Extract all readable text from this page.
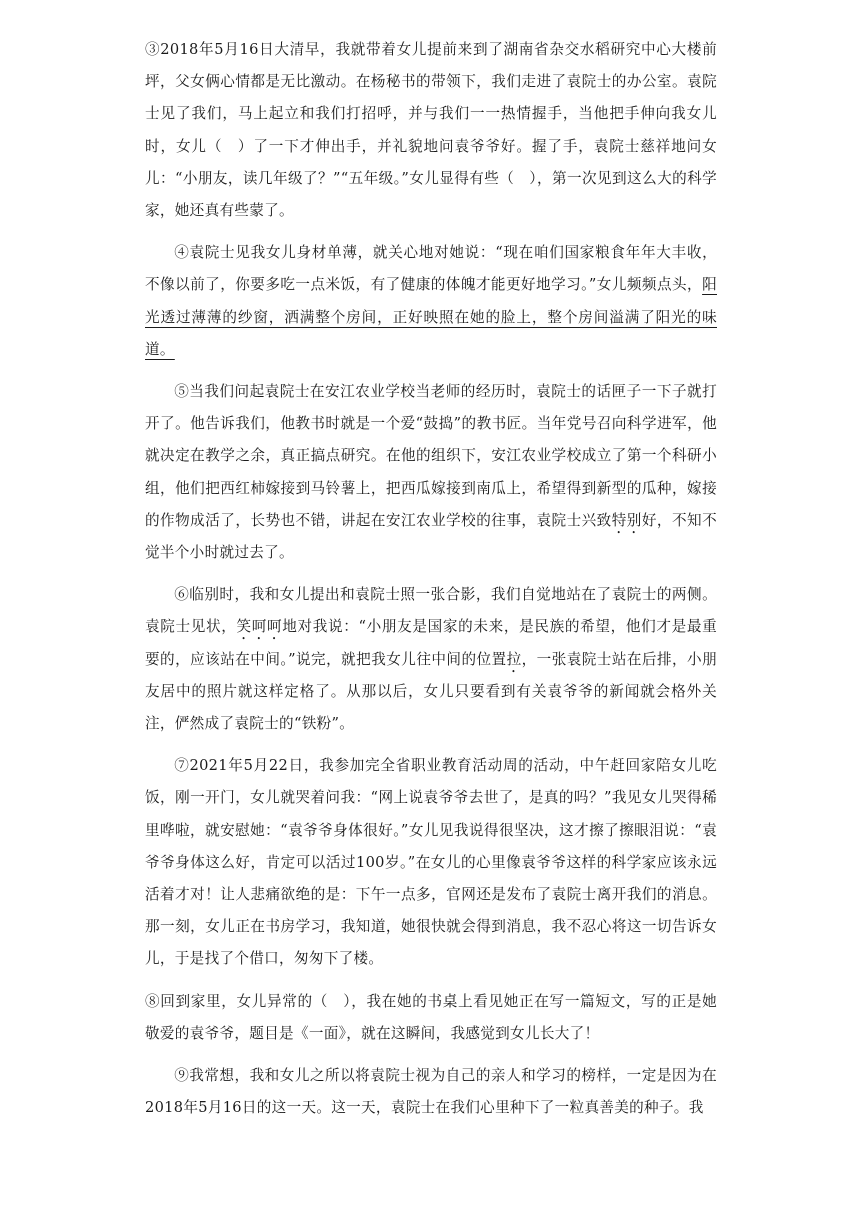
③2018年5月16日大清早，我就带着女儿提前来到了湖南省杂交水稻研究中心大楼前坪，父女俩心情都是无比激动。在杨秘书的带领下，我们走进了袁院士的办公室。袁院士见了我们，马上起立和我们打招呼，并与我们一一热情握手，当他把手伸向我女儿时，女儿（　）了一下才伸出手，并礼貌地问袁爷爷好。握了手，袁院士慈祥地问女儿：“小朋友，读几年级了？”“五年级。”女儿显得有些（　），第一次见到这么大的科学家，她还真有些蒙了。

④袁院士见我女儿身材单薄，就关心地对她说：“现在咱们国家粮食年年大丰收，不像以前了，你要多吃一点米饭，有了健康的体魄才能更好地学习。”女儿频频点头，阳光透过薄薄的纱窗，洒满整个房间，正好映照在她的脸上，整个房间溢满了阳光的味道。

⑤当我们问起袁院士在安江农业学校当老师的经历时，袁院士的话匣子一下子就打开了。他告诉我们，他教书时就是一个爱“鼓捣”的教书匠。当年党号召向科学进军，他就决定在教学之余，真正搞点研究。在他的组织下，安江农业学校成立了第一个科研小组，他们把西红柿嫁接到马铃薯上，把西瓜嫁接到南瓜上，希望得到新型的瓜种，嫁接的作物成活了，长势也不错，讲起在安江农业学校的往事，袁院士兴致特别好，不知不觉半个小时就过去了。

⑥临别时，我和女儿提出和袁院士照一张合影，我们自觉地站在了袁院士的两侧。袁院士见状，笑呵呵地对我说：“小朋友是国家的未来，是民族的希望，他们才是最重要的，应该站在中间。”说完，就把我女儿往中间的位置拉，一张袁院士站在后排，小朋友居中的照片就这样定格了。从那以后，女儿只要看到有关袁爷爷的新闻就会格外关注，俨然成了袁院士的“铁粉”。

⑦2021年5月22日，我参加完全省职业教育活动周的活动，中午赶回家陪女儿吃饭，刚一开门，女儿就哭着问我：“网上说袁爷爷去世了，是真的吗？”我见女儿哭得稀里哗啦，就安慰她：“袁爷爷身体很好。”女儿见我说得很坚决，这才擦了擦眼泪说：“袁爷爷身体这么好，肯定可以活过100岁。”在女儿的心里像袁爷爷这样的科学家应该永远活着才对！让人悲痛欲绝的是：下午一点多，官网还是发布了袁院士离开我们的消息。那一刻，女儿正在书房学习，我知道，她很快就会得到消息，我不忍心将这一切告诉女儿，于是找了个借口，匆匆下了楼。

⑧回到家里，女儿异常的（　），我在她的书桌上看见她正在写一篇短文，写的正是她敬爱的袁爷爷，题目是《一面》，就在这瞬间，我感觉到女儿长大了！

⑨我常想，我和女儿之所以将袁院士视为自己的亲人和学习的榜样，一定是因为在2018年5月16日的这一天。这一天，袁院士在我们心里种下了一粒真善美的种子。我
